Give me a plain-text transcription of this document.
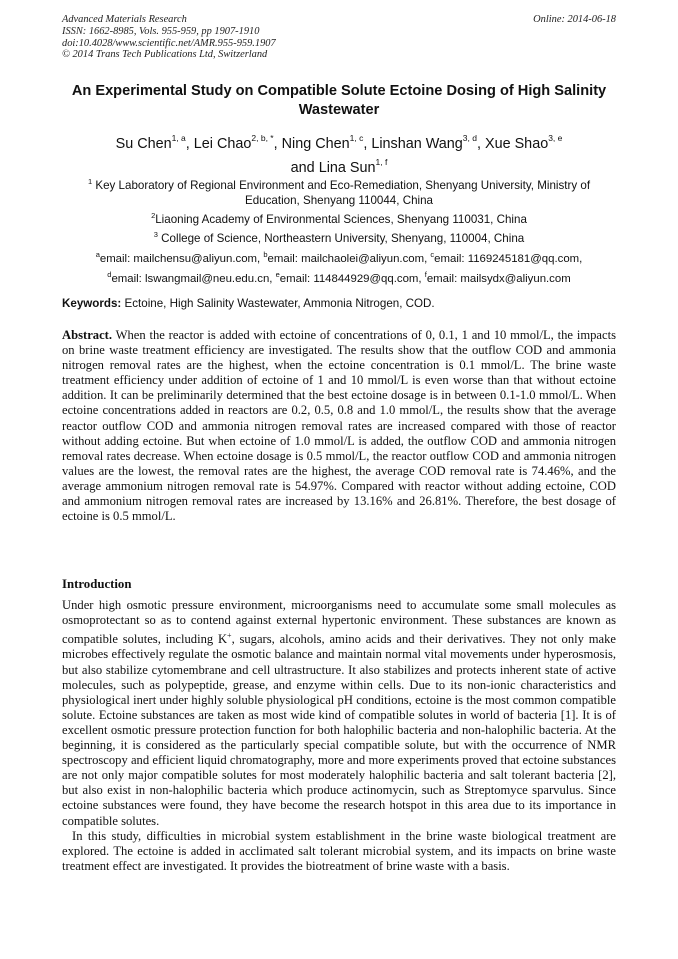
Advanced Materials Research
ISSN: 1662-8985, Vols. 955-959, pp 1907-1910
doi:10.4028/www.scientific.net/AMR.955-959.1907
© 2014 Trans Tech Publications Ltd, Switzerland
Online: 2014-06-18
An Experimental Study on Compatible Solute Ectoine Dosing of High Salinity Wastewater
Su Chen$^{1, a}$, Lei Chao$^{2, b, *}$, Ning Chen$^{1, c}$, Linshan Wang$^{3, d}$, Xue Shao$^{3, e}$
and Lina Sun$^{1, f}$
$^1$ Key Laboratory of Regional Environment and Eco-Remediation, Shenyang University, Ministry of Education, Shenyang 110044, China
$^2$Liaoning Academy of Environmental Sciences, Shenyang 110031, China
$^3$ College of Science, Northeastern University, Shenyang, 110004, China
$^a$email: mailchensu@aliyun.com, $^b$email: mailchaolei@aliyun.com, $^c$email: 1169245181@qq.com,
$^d$email: lswangmail@neu.edu.cn, $^e$email: 114844929@qq.com, $^f$email: mailsydx@aliyun.com
Keywords: Ectoine, High Salinity Wastewater, Ammonia Nitrogen, COD.
Abstract. When the reactor is added with ectoine of concentrations of 0, 0.1, 1 and 10 mmol/L, the impacts on brine waste treatment efficiency are investigated. The results show that the outflow COD and ammonia nitrogen removal rates are the highest, when the ectoine concentration is 0.1 mmol/L. The brine waste treatment efficiency under addition of ectoine of 1 and 10 mmol/L is even worse than that without ectoine addition. It can be preliminarily determined that the best ectoine dosage is in between 0.1-1.0 mmol/L. When ectoine concentrations added in reactors are 0.2, 0.5, 0.8 and 1.0 mmol/L, the results show that the average reactor outflow COD and ammonia nitrogen removal rates are increased compared with those of reactor without adding ectoine. But when ectoine of 1.0 mmol/L is added, the outflow COD and ammonia nitrogen removal rates decrease. When ectoine dosage is 0.5 mmol/L, the reactor outflow COD and ammonia nitrogen values are the lowest, the removal rates are the highest, the average COD removal rate is 74.46%, and the average ammonium nitrogen removal rate is 54.97%. Compared with reactor without adding ectoine, COD and ammonium nitrogen removal rates are increased by 13.16% and 26.81%. Therefore, the best dosage of ectoine is 0.5 mmol/L.
Introduction

Under high osmotic pressure environment, microorganisms need to accumulate some small molecules as osmoprotectant so as to contend against external hypertonic environment. These substances are known as compatible solutes, including K+, sugars, alcohols, amino acids and their derivatives. They not only make microbes effectively regulate the osmotic balance and maintain normal vital movements under hyperosmosis, but also stabilize cytomembrane and cell ultrastructure. It also stabilizes and protects inherent state of active molecules, such as polypeptide, grease, and enzyme within cells. Due to its non-ionic characteristics and physiological inert under highly soluble physiological pH conditions, ectoine is the most common compatible solute. Ectoine substances are taken as most wide kind of compatible solutes in world of bacteria [1]. It is of excellent osmotic pressure protection function for both halophilic bacteria and non-halophilic bacteria. At the beginning, it is considered as the particularly special compatible solute, but with the occurrence of NMR spectroscopy and efficient liquid chromatography, more and more experiments proved that ectoine substances are not only major compatible solutes for most moderately halophilic bacteria and salt tolerant bacteria [2], but also exist in non-halophilic bacteria which produce actinomycin, such as Streptomyce sparvulus. Since ectoine substances were found, they have become the research hotspot in this area due to its importance in compatible solutes.

In this study, difficulties in microbial system establishment in the brine waste biological treatment are explored. The ectoine is added in acclimated salt tolerant microbial system, and its impacts on brine waste treatment effect are investigated. It provides the biotreatment of brine waste with a basis.
